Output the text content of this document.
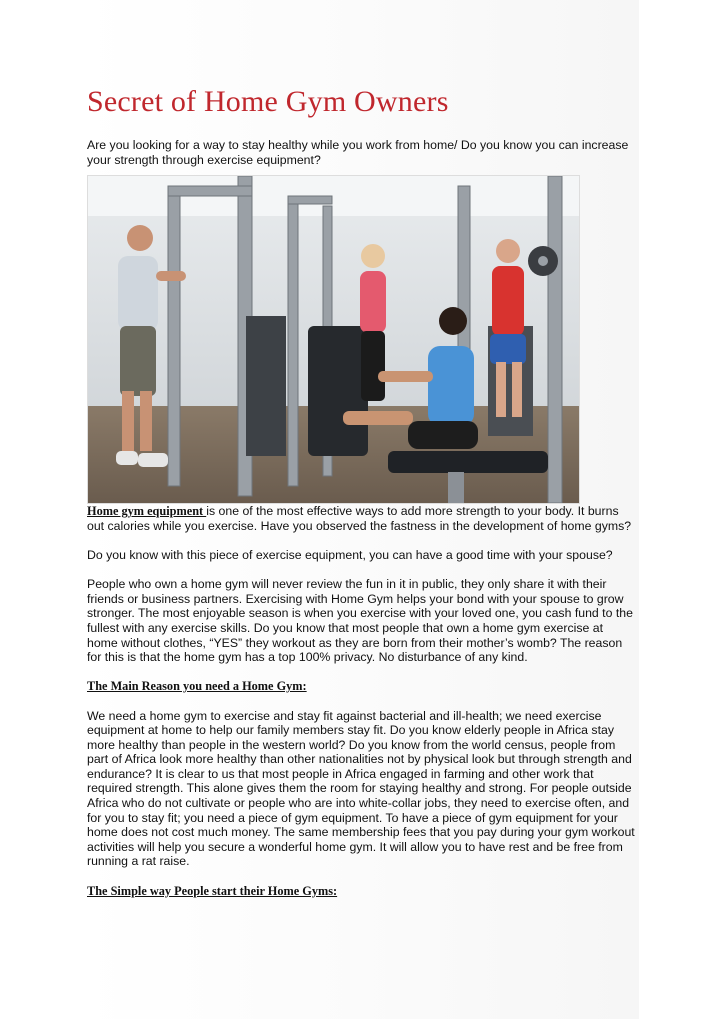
Secret of Home Gym Owners

Are you looking for a way to stay healthy while you work from home/ Do you know you can increase your strength through exercise equipment?

Home gym equipment is one of the most effective ways to add more strength to your body. It burns out calories while you exercise. Have you observed the fastness in the development of home gyms?

Do you know with this piece of exercise equipment, you can have a good time with your spouse?

People who own a home gym will never review the fun in it in public, they only share it with their friends or business partners. Exercising with Home Gym helps your bond with your spouse to grow stronger. The most enjoyable season is when you exercise with your loved one, you cash fund to the fullest with any exercise skills. Do you know that most people that own a home gym exercise at home without clothes, “YES” they workout as they are born from their mother’s womb? The reason for this is that the home gym has a top 100% privacy. No disturbance of any kind.

The Main Reason you need a Home Gym:

We need a home gym to exercise and stay fit against bacterial and ill-health; we need exercise equipment at home to help our family members stay fit. Do you know elderly people in Africa stay more healthy than people in the western world? Do you know from the world census, people from part of Africa look more healthy than other nationalities not by physical look but through strength and endurance? It is clear to us that most people in Africa engaged in farming and other work that required strength. This alone gives them the room for staying healthy and strong. For people outside Africa who do not cultivate or people who are into white-collar jobs, they need to exercise often, and for you to stay fit; you need a piece of gym equipment. To have a piece of gym equipment for your home does not cost much money. The same membership fees that you pay during your gym workout activities will help you secure a wonderful home gym. It will allow you to have rest and be free from running a rat raise.

The Simple way People start their Home Gyms:
